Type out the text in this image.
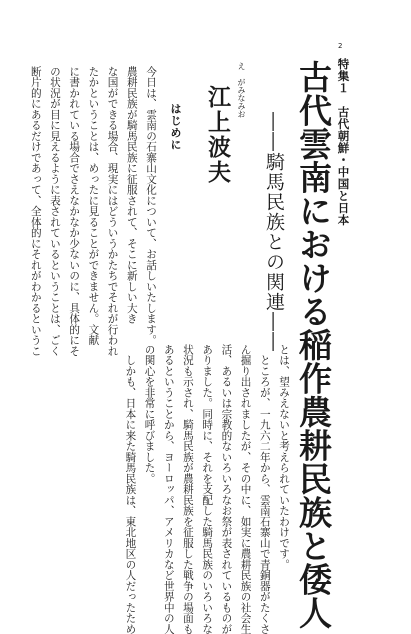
2
特集１　古代朝鮮・中国と日本
古代雲南における稲作農耕民族と倭人
――騎馬民族との関連――
え　がみなみお
江上波夫
はじめに

今日は、雲南の石寨山文化について、お話しいたします。

農耕民族が騎馬民族に征服されて、そこに新しい大き

な国ができる場合、現実にはどういうかたちでそれが行われ

たかということは、めったに見ることができません。文献

に書かれている場合でさえなかなか少ないのに、具体的にそ

の状況が目に見えるように表されているということは、ごく

断片的にあるだけであって、全体的にそれがわかるというこ

とは、望みえないと考えられていたわけです。

　ところが、一九六二年から、雲南石寨山で青銅器がたくさ

ん掘り出されましたが、その中に、如実に農耕民族の社会生

活、あるいは宗教的ないろいろなお祭が表されているものが

ありました。同時に、それを支配した騎馬民族のいろいろな

状況も示され、騎馬民族が農耕民族を征服した戦争の場面も

あるということから、ヨーロッパ、アメリカなど世界中の人

の関心を非常に呼びました。

　しかも、日本に来た騎馬民族は、東北地区の人だったため
